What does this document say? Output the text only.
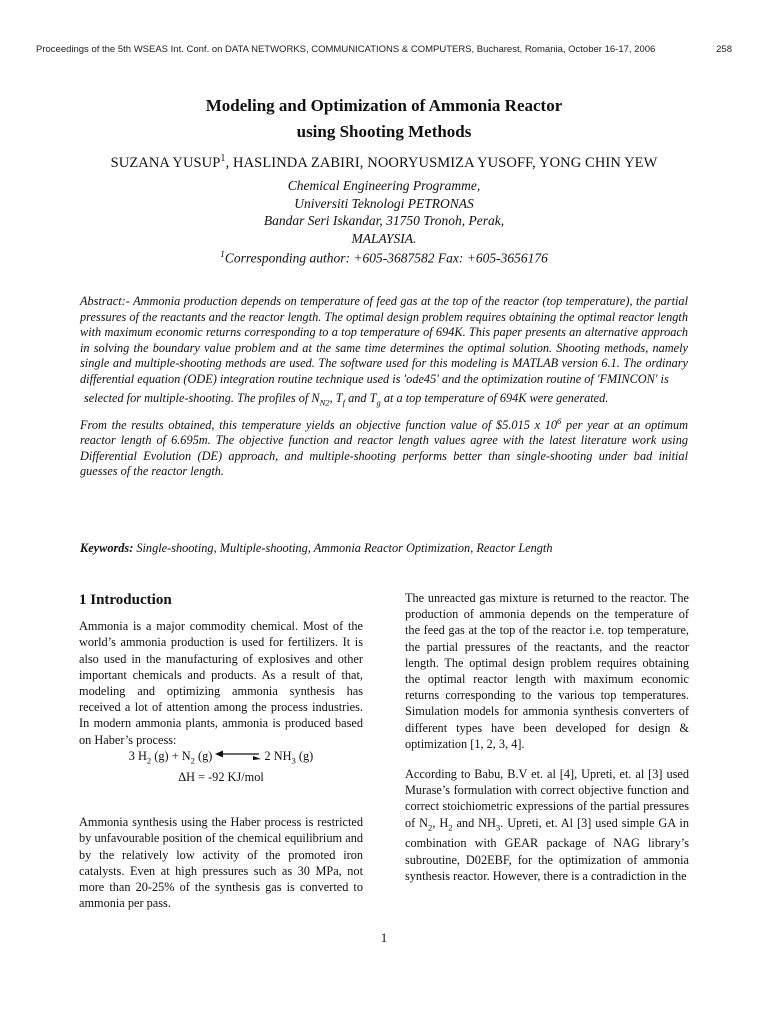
Proceedings of the 5th WSEAS Int. Conf. on DATA NETWORKS, COMMUNICATIONS & COMPUTERS, Bucharest, Romania, October 16-17, 2006	258
Modeling and Optimization of Ammonia Reactor
using Shooting Methods
SUZANA YUSUP$^1$, HASLINDA ZABIRI, NOORYUSMIZA YUSOFF, YONG CHIN YEW
Chemical Engineering Programme,
Universiti Teknologi PETRONAS
Bandar Seri Iskandar, 31750 Tronoh, Perak,
MALAYSIA.
$^1$Corresponding author: +605-3687582 Fax: +605-3656176

Abstract:- Ammonia production depends on temperature of feed gas at the top of the reactor (top temperature), the partial pressures of the reactants and the reactor length. The optimal design problem requires obtaining the optimal reactor length with maximum economic returns corresponding to a top temperature of 694K. This paper presents an alternative approach in solving the boundary value problem and at the same time determines the optimal solution. Shooting methods, namely single and multiple-shooting methods are used. The software used for this modeling is MATLAB version 6.1. The ordinary differential equation (ODE) integration routine technique used is 'ode45' and the optimization routine of 'FMINCON' is

selected for multiple-shooting. The profiles of $N_{N2}$, $T_f$ and $T_g$ at a top temperature of 694K were generated.

From the results obtained, this temperature yields an objective function value of $5.015 x $10^6$ per year at an optimum reactor length of 6.695m. The objective function and reactor length values agree with the latest literature work using Differential Evolution (DE) approach, and multiple-shooting performs better than single-shooting under bad initial guesses of the reactor length.

Keywords: Single-shooting, Multiple-shooting, Ammonia Reactor Optimization, Reactor Length
1 Introduction

Ammonia is a major commodity chemical. Most of the world’s ammonia production is used for fertilizers. It is also used in the manufacturing of explosives and other important chemicals and products. As a result of that, modeling and optimizing ammonia synthesis has received a lot of attention among the process industries. In modern ammonia plants, ammonia is produced based on Haber’s process:

3 $H_2$ $(g) + N_2$ (g)	2 $NH_3$ (g)
ΔH = -92 KJ/mol

Ammonia synthesis using the Haber process is restricted by unfavourable position of the chemical equilibrium and by the relatively low activity of the promoted iron catalysts. Even at high pressures such as 30 MPa, not more than 20-25% of the synthesis gas is converted to ammonia per pass.

The unreacted gas mixture is returned to the reactor. The production of ammonia depends on the temperature of the feed gas at the top of the reactor i.e. top temperature, the partial pressures of the reactants, and the reactor length. The optimal design problem requires obtaining the optimal reactor length with maximum economic returns corresponding to the various top temperatures. Simulation models for ammonia synthesis converters of different types have been developed for design & optimization [1, 2, 3, 4].

According to Babu, B.V et. al [4], Upreti, et. al [3] used Murase’s formulation with correct objective function and correct stoichiometric expressions of the partial pressures of $N_2$, $H_2$ and $NH_3$. Upreti, et. Al [3] used simple GA in combination with GEAR package of NAG library’s subroutine, D02EBF, for the optimization of ammonia synthesis reactor. However, there is a contradiction in the

1
